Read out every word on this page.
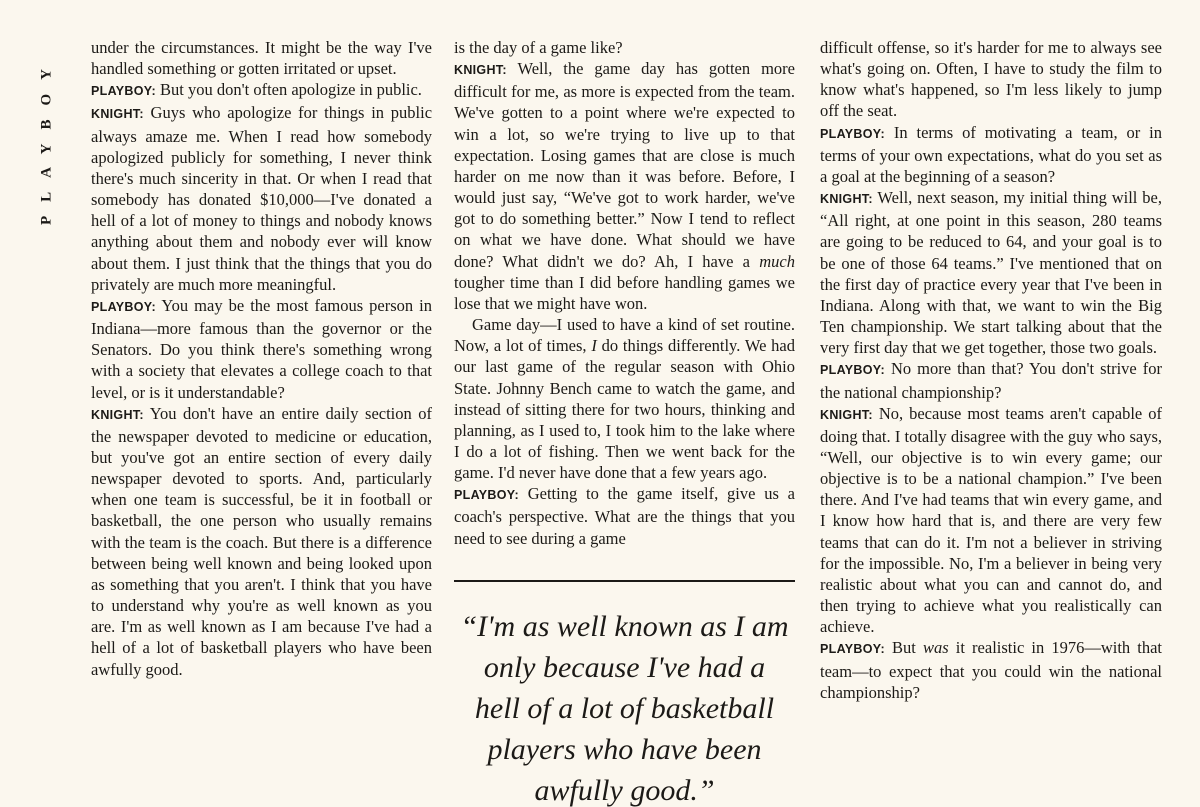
PLAYBOY

under the circumstances. It might be the way I've handled something or gotten irritated or upset.

PLAYBOY: But you don't often apologize in public.

KNIGHT: Guys who apologize for things in public always amaze me. When I read how somebody apologized publicly for something, I never think there's much sincerity in that. Or when I read that somebody has donated $10,000—I've donated a hell of a lot of money to things and nobody knows anything about them and nobody ever will know about them. I just think that the things that you do privately are much more meaningful.

PLAYBOY: You may be the most famous person in Indiana—more famous than the governor or the Senators. Do you think there's something wrong with a society that elevates a college coach to that level, or is it understandable?

KNIGHT: You don't have an entire daily section of the newspaper devoted to medicine or education, but you've got an entire section of every daily newspaper devoted to sports. And, particularly when one team is successful, be it in football or basketball, the one person who usually remains with the team is the coach. But there is a difference between being well known and being looked upon as something that you aren't. I think that you have to understand why you're as well known as you are. I'm as well known as I am because I've had a hell of a lot of basketball players who have been awfully good.

is the day of a game like?

KNIGHT: Well, the game day has gotten more difficult for me, as more is expected from the team. We've gotten to a point where we're expected to win a lot, so we're trying to live up to that expectation. Losing games that are close is much harder on me now than it was before. Before, I would just say, “We've got to work harder, we've got to do something better.” Now I tend to reflect on what we have done. What should we have done? What didn't we do? Ah, I have a much tougher time than I did before handling games we lose that we might have won.

Game day—I used to have a kind of set routine. Now, a lot of times, I do things differently. We had our last game of the regular season with Ohio State. Johnny Bench came to watch the game, and instead of sitting there for two hours, thinking and planning, as I used to, I took him to the lake where I do a lot of fishing. Then we went back for the game. I'd never have done that a few years ago.

PLAYBOY: Getting to the game itself, give us a coach's perspective. What are the things that you need to see during a game

“I'm as well known as I am only because I've had a hell of a lot of basketball players who have been awfully good.”

difficult offense, so it's harder for me to always see what's going on. Often, I have to study the film to know what's happened, so I'm less likely to jump off the seat.

PLAYBOY: In terms of motivating a team, or in terms of your own expectations, what do you set as a goal at the beginning of a season?

KNIGHT: Well, next season, my initial thing will be, “All right, at one point in this season, 280 teams are going to be reduced to 64, and your goal is to be one of those 64 teams.” I've mentioned that on the first day of practice every year that I've been in Indiana. Along with that, we want to win the Big Ten championship. We start talking about that the very first day that we get together, those two goals.

PLAYBOY: No more than that? You don't strive for the national championship?

KNIGHT: No, because most teams aren't capable of doing that. I totally disagree with the guy who says, “Well, our objective is to win every game; our objective is to be a national champion.” I've been there. And I've had teams that win every game, and I know how hard that is, and there are very few teams that can do it. I'm not a believer in striving for the impossible. No, I'm a believer in being very realistic about what you can and cannot do, and then trying to achieve what you realistically can achieve.

PLAYBOY: But was it realistic in 1976—with that team—to expect that you could win the national championship?
